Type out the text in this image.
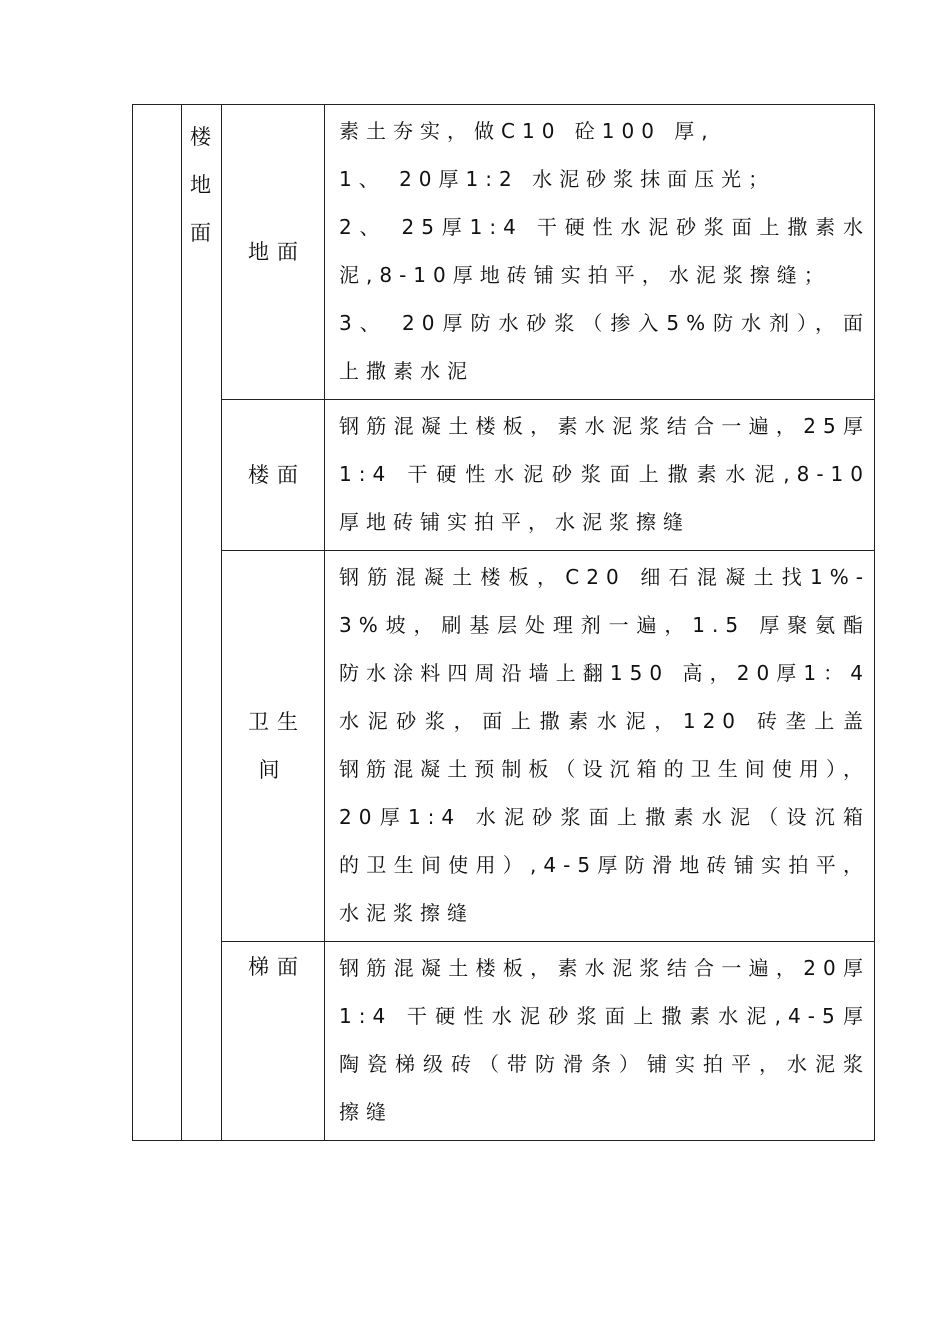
	楼地面	地面	素土夯实，做C10 砼100 厚,
1、 20厚1:2 水泥砂浆抹面压光；
2、 25厚1:4 干硬性水泥砂浆面上撒素水泥,8-10厚地砖铺实拍平，水泥浆擦缝；
3、 20厚防水砂浆（掺入5%防水剂），面上撒素水泥

		楼面	钢筋混凝土楼板，素水泥浆结合一遍，25厚1:4 干硬性水泥砂浆面上撒素水泥,8-10厚地砖铺实拍平，水泥浆擦缝

		卫生间	钢筋混凝土楼板，C20 细石混凝土找1%-3%坡，刷基层处理剂一遍，1.5 厚聚氨酯防水涂料四周沿墙上翻150 高，20厚1：4水泥砂浆，面上撒素水泥，120 砖垄上盖钢筋混凝土预制板（设沉箱的卫生间使用），20厚1:4 水泥砂浆面上撒素水泥（设沉箱的卫生间使用）,4-5厚防滑地砖铺实拍平，水泥浆擦缝

		梯面	钢筋混凝土楼板，素水泥浆结合一遍，20厚1:4 干硬性水泥砂浆面上撒素水泥,4-5厚陶瓷梯级砖（带防滑条）铺实拍平，水泥浆擦缝
